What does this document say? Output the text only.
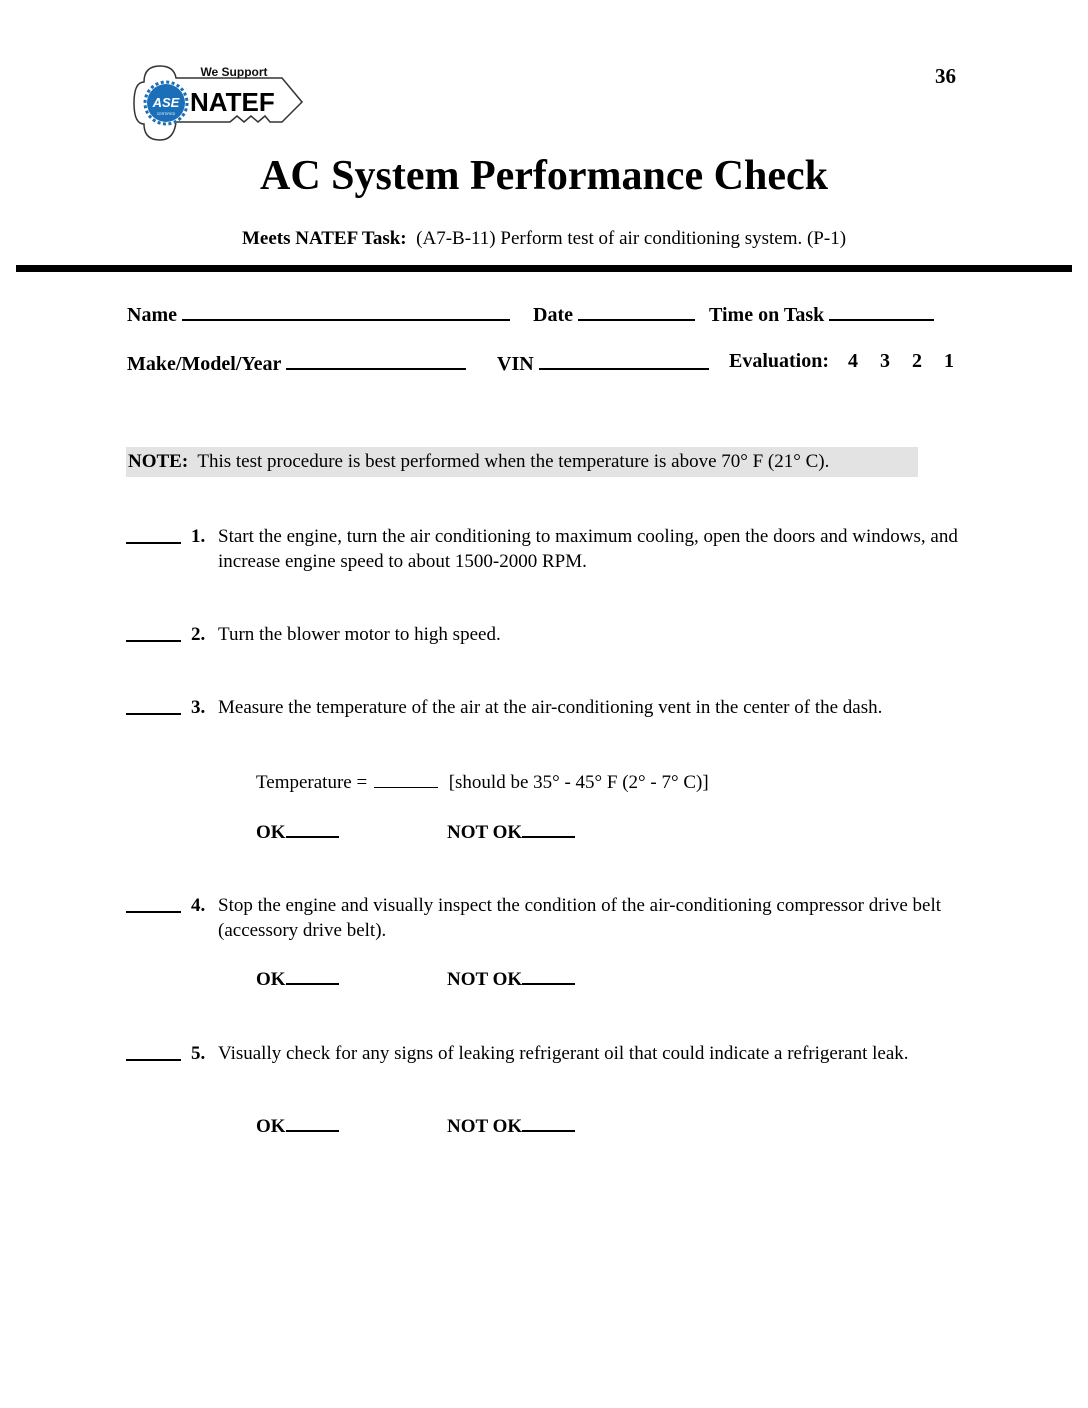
ASE
CERTIFIED
We Support
NATEF
36
AC System Performance Check
Meets NATEF Task: (A7-B-11) Perform test of air conditioning system. (P-1)
Name	Date	Time on Task
Make/Model/Year	VIN	Evaluation: 4 3 2 1
NOTE: This test procedure is best performed when the temperature is above 70° F (21° C).
1. Start the engine, turn the air conditioning to maximum cooling, open the doors and windows, and increase engine speed to about 1500-2000 RPM.
2. Turn the blower motor to high speed.
3. Measure the temperature of the air at the air-conditioning vent in the center of the dash.
Temperature =	[should be 35° - 45° F (2° - 7° C)]
OK	NOT OK
4. Stop the engine and visually inspect the condition of the air-conditioning compressor drive belt (accessory drive belt).
OK	NOT OK
5. Visually check for any signs of leaking refrigerant oil that could indicate a refrigerant leak.
OK	NOT OK
